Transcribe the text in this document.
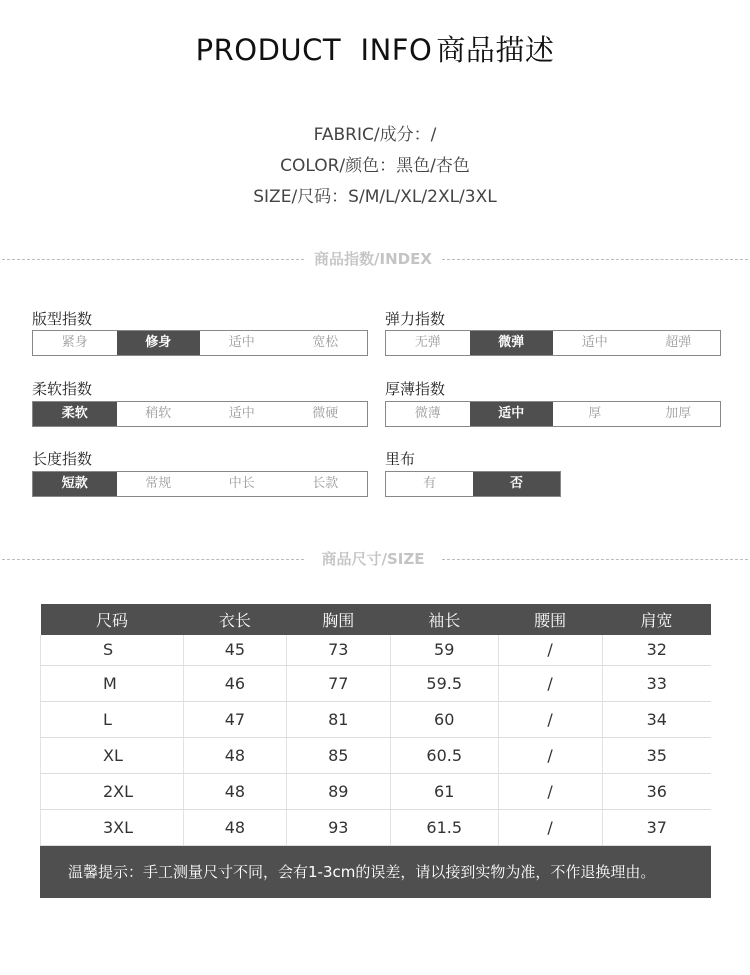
PRODUCT  INFO 商品描述
FABRIC/成分：/
COLOR/颜色：黑色/杏色
SIZE/尺码：S/M/L/XL/2XL/3XL
商品指数/INDEX
版型指数
紧身	修身	适中	宽松
柔软指数
柔软	稍软	适中	微硬
长度指数
短款	常规	中长	长款
弹力指数
无弹	微弹	适中	超弹
厚薄指数
微薄	适中	厚	加厚
里布
有	否
商品尺寸/SIZE
尺码	衣长	胸围	袖长	腰围	肩宽
S	45	73	59	/	32
M	46	77	59.5	/	33
L	47	81	60	/	34
XL	48	85	60.5	/	35
2XL	48	89	61	/	36
3XL	48	93	61.5	/	37
温馨提示：手工测量尺寸不同，会有1-3cm的误差，请以接到实物为准，不作退换理由。
